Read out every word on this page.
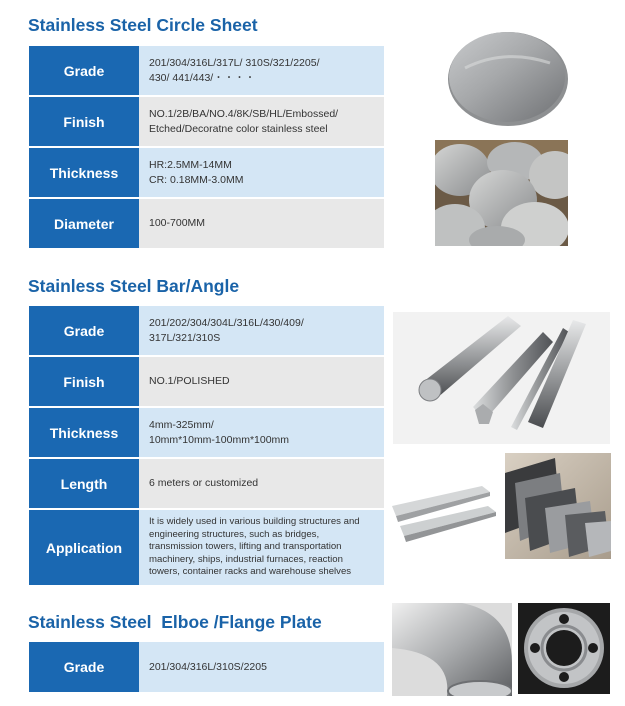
Stainless Steel Circle Sheet
Grade	201/304/316L/317L/ 310S/321/2205/
430/ 441/443/・・・・
Finish	NO.1/2B/BA/NO.4/8K/SB/HL/Embossed/
Etched/Decoratne color stainless steel
Thickness	HR:2.5MM-14MM
CR: 0.18MM-3.0MM
Diameter	100-700MM
Stainless Steel Bar/Angle
Grade	201/202/304/304L/316L/430/409/
317L/321/310S
Finish	NO.1/POLISHED
Thickness	4mm-325mm/
10mm*10mm-100mm*100mm
Length	6 meters or customized
Application
It is widely used in various building structures and engineering structures, such as bridges, transmission towers, lifting and transportation machinery, ships, industrial furnaces, reaction towers, container racks and warehouse shelves
Stainless Steel  Elboe /Flange Plate
Grade	201/304/316L/310S/2205
